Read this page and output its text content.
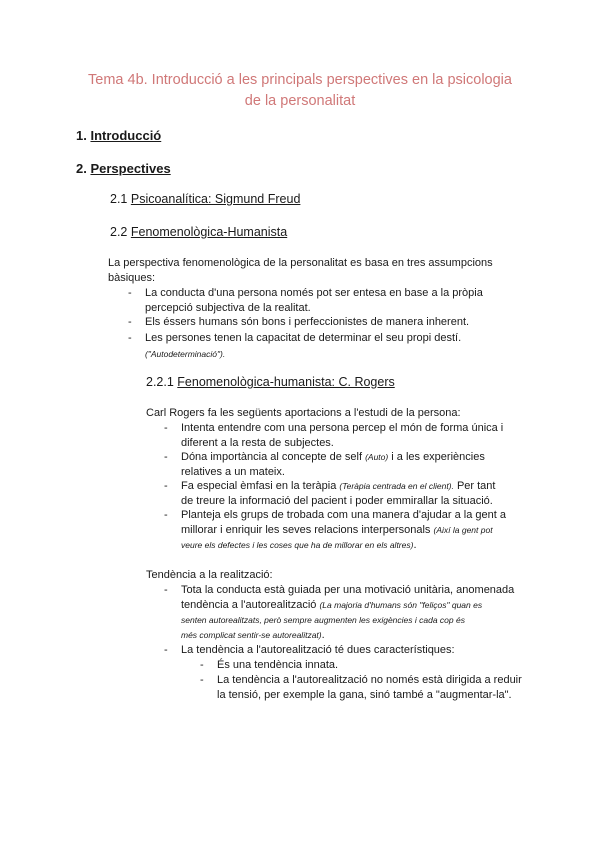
Tema 4b. Introducció a les principals perspectives en la psicologia
de la personalitat
1. Introducció
2. Perspectives
2.1 Psicoanalítica: Sigmund Freud
2.2 Fenomenològica-Humanista
La perspectiva fenomenològica de la personalitat es basa en tres assumpcions
bàsiques:
- La conducta d'una persona només pot ser entesa en base a la pròpia
percepció subjectiva de la realitat.
- Els éssers humans són bons i perfeccionistes de manera inherent.
- Les persones tenen la capacitat de determinar el seu propi destí.
("Autodeterminació").
2.2.1 Fenomenològica-humanista: C. Rogers
Carl Rogers fa les següents aportacions a l'estudi de la persona:
- Intenta entendre com una persona percep el món de forma única i
diferent a la resta de subjectes.
- Dóna importància al concepte de self (Auto) i a les experiències
relatives a un mateix.
- Fa especial èmfasi en la teràpia (Teràpia centrada en el client). Per tant
de treure la informació del pacient i poder emmirallar la situació.
- Planteja els grups de trobada com una manera d'ajudar a la gent a
millorar i enriquir les seves relacions interpersonals (Així la gent pot
veure els defectes i les coses que ha de millorar en els altres).
Tendència a la realització:
- Tota la conducta està guiada per una motivació unitària, anomenada
tendència a l'autorealització (La majoria d'humans són "feliços" quan es
senten autorealitzats, però sempre augmenten les exigències i cada cop és
més complicat sentir-se autorealitzat).
- La tendència a l'autorealització té dues característiques:
- És una tendència innata.
- La tendència a l'autorealització no només està dirigida a reduir
la tensió, per exemple la gana, sinó també a "augmentar-la".
